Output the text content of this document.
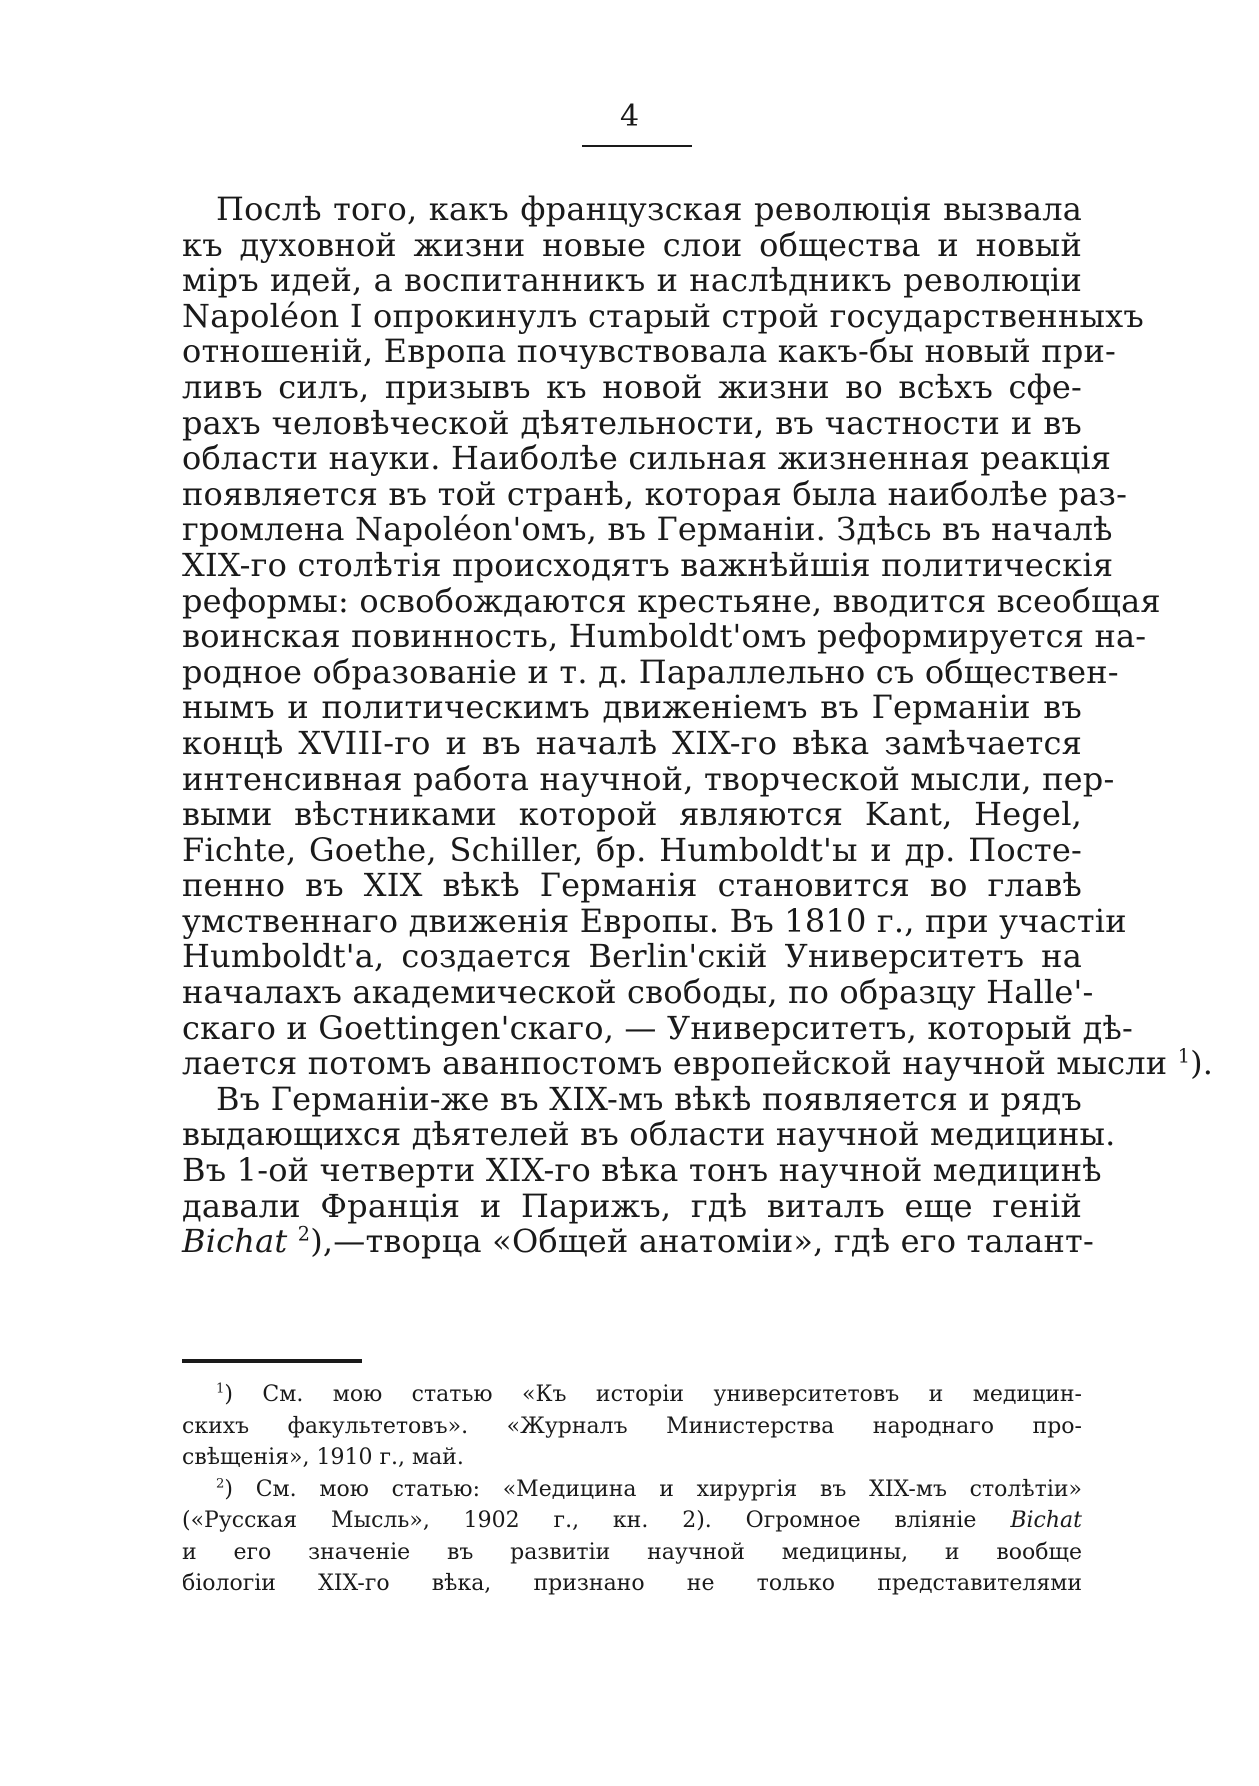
4
Послѣ того, какъ французская революція вызвала
къ духовной жизни новые слои общества и новый
міръ идей, а воспитанникъ и наслѣдникъ революціи
Napoléon I опрокинулъ старый строй государственныхъ
отношеній, Европа почувствовала какъ-бы новый при-
ливъ силъ, призывъ къ новой жизни во всѣхъ сфе-
рахъ человѣческой дѣятельности, въ частности и въ
области науки. Наиболѣе сильная жизненная реакція
появляется въ той странѣ, которая была наиболѣе раз-
громлена Napoléon'омъ, въ Германіи. Здѣсь въ началѣ
XIX-го столѣтія происходятъ важнѣйшія политическія
реформы: освобождаются крестьяне, вводится всеобщая
воинская повинность, Humboldt'омъ реформируется на-
родное образованіе и т. д. Параллельно съ обществен-
нымъ и политическимъ движеніемъ въ Германіи въ
концѣ XVIII-го и въ началѣ XIX-го вѣка замѣчается
интенсивная работа научной, творческой мысли, пер-
выми вѣстниками которой являются Kant, Hegel,
Fichte, Goethe, Schiller, бр. Humboldt'ы и др. Посте-
пенно въ XIX вѣкѣ Германія становится во главѣ
умственнаго движенія Европы. Въ 1810 г., при участіи
Humboldt'a, создается Berlin'скій Университетъ на
началахъ академической свободы, по образцу Halle'-
скаго и Goettingen'скаго, — Университетъ, который дѣ-
лается потомъ аванпостомъ европейской научной мысли $^1$).
Въ Германіи-же въ XIX-мъ вѣкѣ появляется и рядъ
выдающихся дѣятелей въ области научной медицины.
Въ 1-ой четверти XIX-го вѣка тонъ научной медицинѣ
давали Франція и Парижъ, гдѣ виталъ еще геній
Bichat $^2$),—творца «Общей анатоміи», гдѣ его талант-
$^1$) См. мою статью «Къ исторіи университетовъ и медицин-
скихъ факультетовъ». «Журналъ Министерства народнаго про-
свѣщенія», 1910 г., май.
$^2$) См. мою статью: «Медицина и хирургія въ XIX-мъ столѣтіи»
(«Русская Мысль», 1902 г., кн. 2). Огромное вліяніе Bichat
и его значеніе въ развитіи научной медицины, и вообще
біологіи XIX-го вѣка, признано не только представителями
